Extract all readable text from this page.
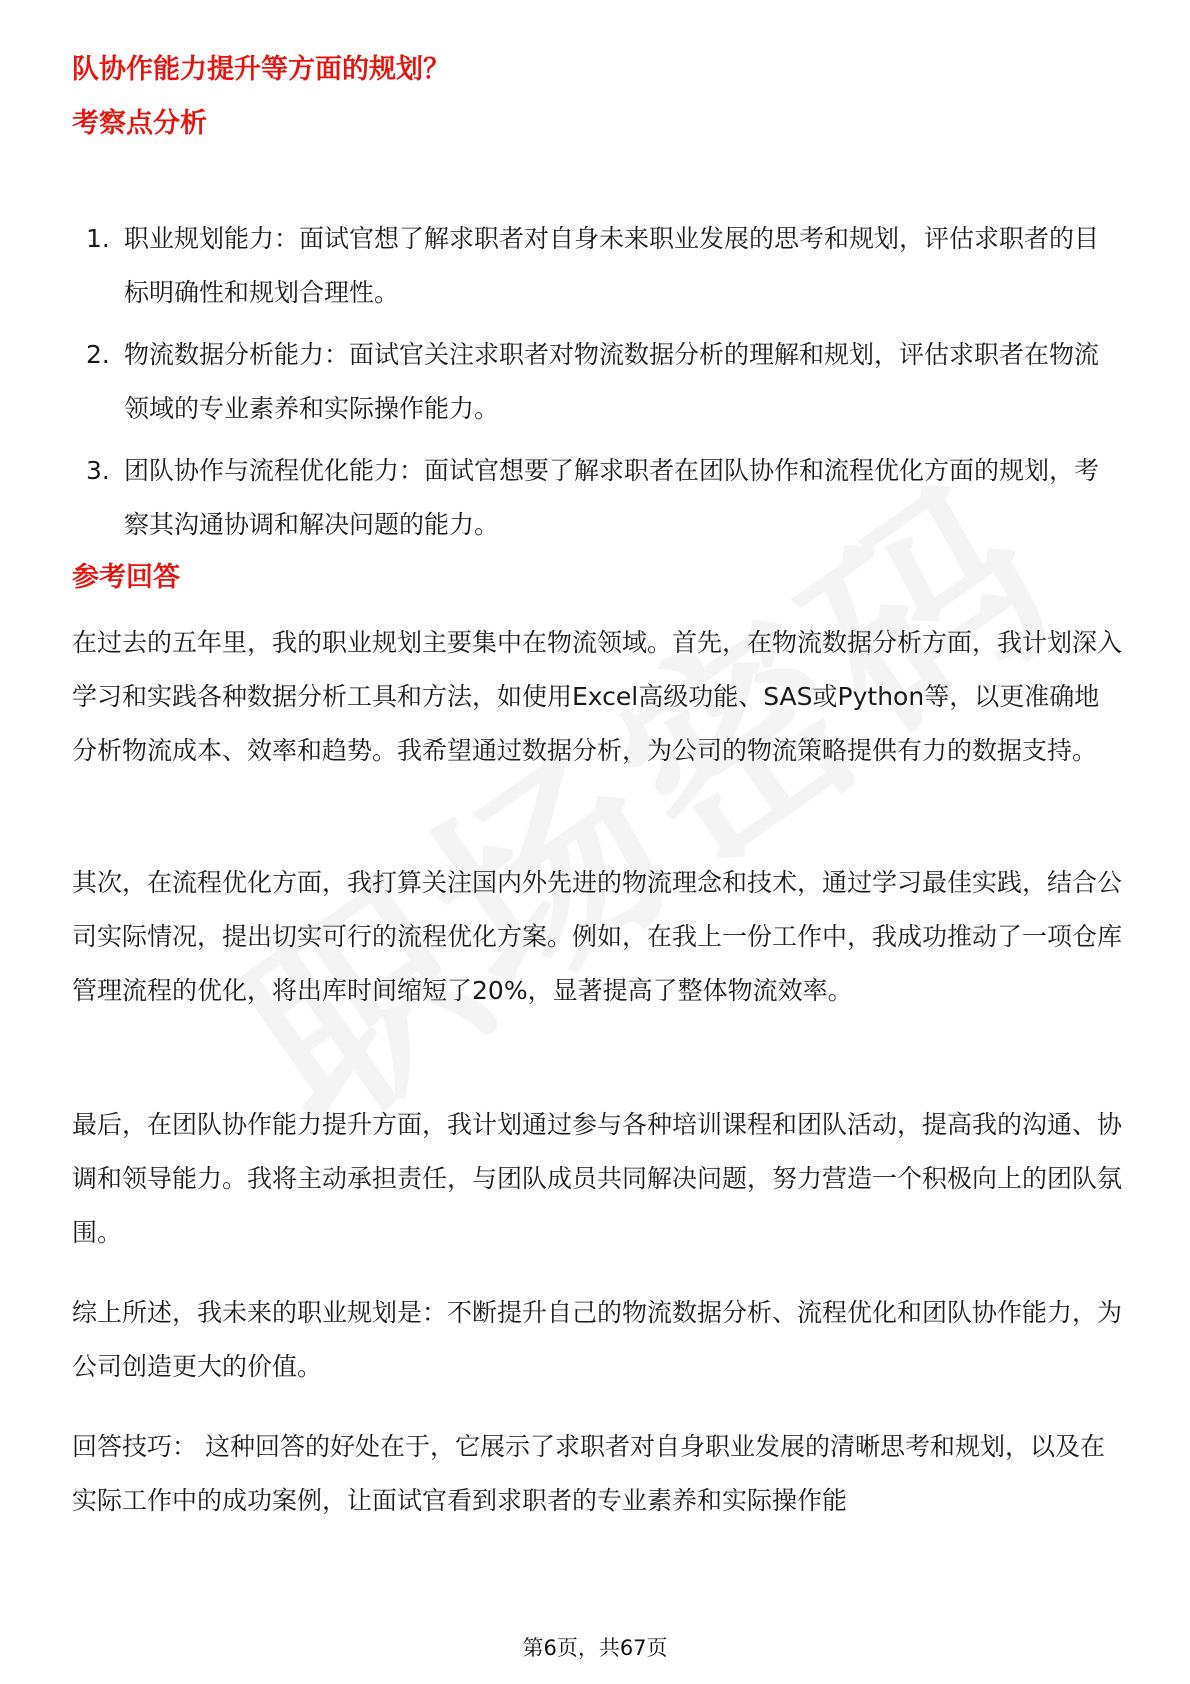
队协作能力提升等方面的规划？

考察点分析

1. 职业规划能力：面试官想了解求职者对自身未来职业发展的思考和规划，评估求职者的目标明确性和规划合理性。
2. 物流数据分析能力：面试官关注求职者对物流数据分析的理解和规划，评估求职者在物流领域的专业素养和实际操作能力。
3. 团队协作与流程优化能力：面试官想要了解求职者在团队协作和流程优化方面的规划，考察其沟通协调和解决问题的能力。

参考回答

在过去的五年里，我的职业规划主要集中在物流领域。首先，在物流数据分析方面，我计划深入学习和实践各种数据分析工具和方法，如使用Excel高级功能、SAS或Python等，以更准确地分析物流成本、效率和趋势。我希望通过数据分析，为公司的物流策略提供有力的数据支持。

其次，在流程优化方面，我打算关注国内外先进的物流理念和技术，通过学习最佳实践，结合公司实际情况，提出切实可行的流程优化方案。例如，在我上一份工作中，我成功推动了一项仓库管理流程的优化，将出库时间缩短了20%，显著提高了整体物流效率。

最后，在团队协作能力提升方面，我计划通过参与各种培训课程和团队活动，提高我的沟通、协调和领导能力。我将主动承担责任，与团队成员共同解决问题，努力营造一个积极向上的团队氛围。

综上所述，我未来的职业规划是：不断提升自己的物流数据分析、流程优化和团队协作能力，为公司创造更大的价值。

回答技巧： 这种回答的好处在于，它展示了求职者对自身职业发展的清晰思考和规划，以及在实际工作中的成功案例，让面试官看到求职者的专业素养和实际操作能

第6页，共67页
